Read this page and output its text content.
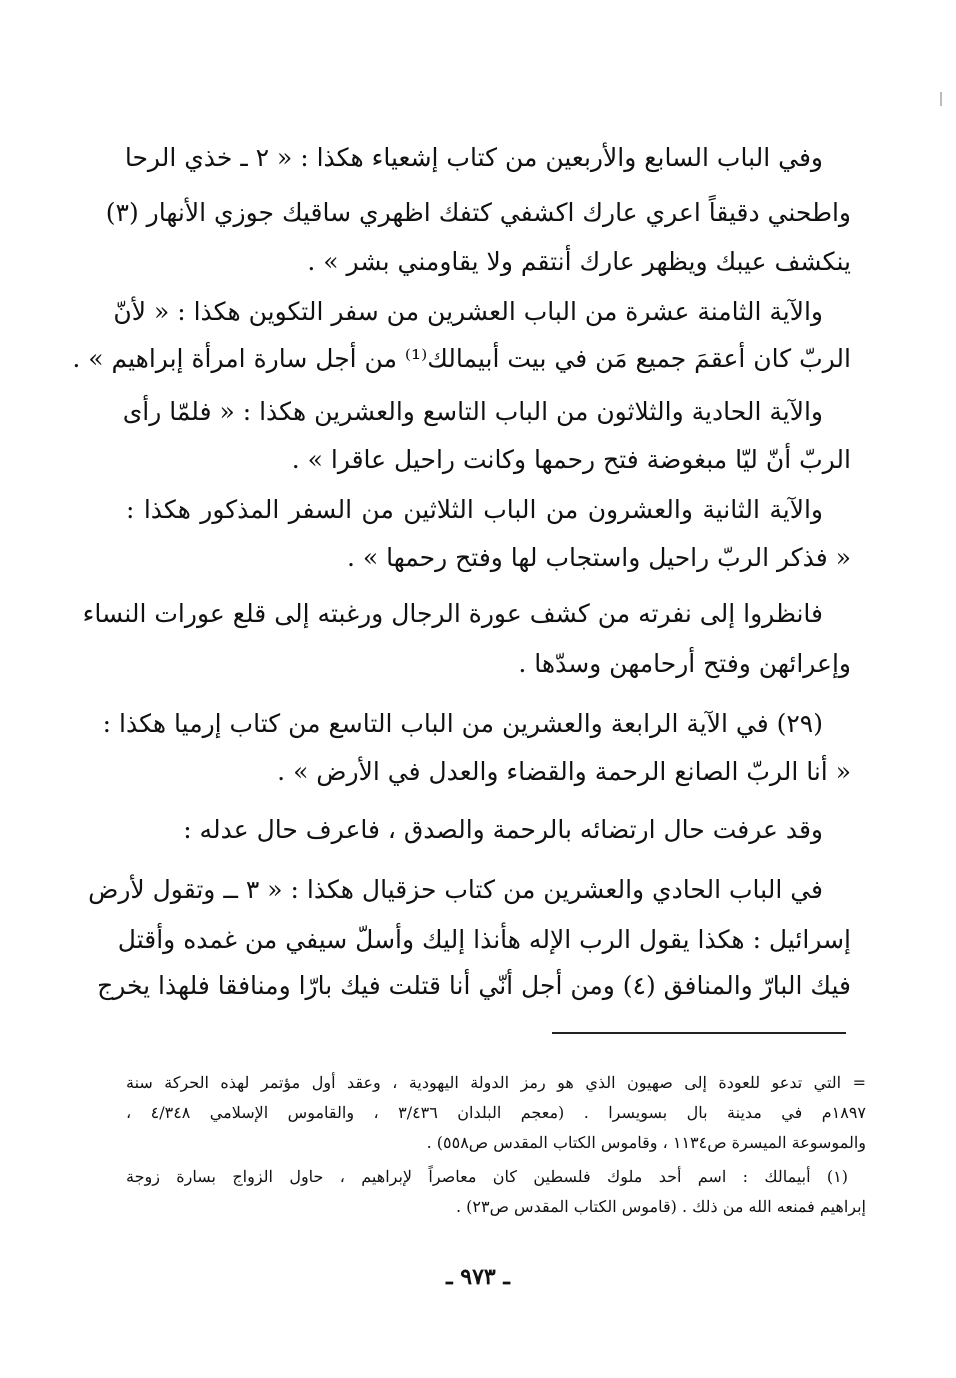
وفي الباب السابع والأربعين من كتاب إشعياء هكذا : « ٢ ـ خذي الرحا
واطحني دقيقاً اعري عارك اكشفي كتفك اظهري ساقيك جوزي الأنهار (٣)
ينكشف عيبك ويظهر عارك أنتقم ولا يقاومني بشر » .
والآية الثامنة عشرة من الباب العشرين من سفر التكوين هكذا : « لأنّ
الربّ كان أعقمَ جميع مَن في بيت أبيمالك⁽¹⁾ من أجل سارة امرأة إبراهيم » .
والآية الحادية والثلاثون من الباب التاسع والعشرين هكذا : « فلمّا رأى
الربّ أنّ ليّا مبغوضة فتح رحمها وكانت راحيل عاقرا » .
والآية الثانية والعشرون من الباب الثلاثين من السفر المذكور هكذا :
« فذكر الربّ راحيل واستجاب لها وفتح رحمها » .
فانظروا إلى نفرته من كشف عورة الرجال ورغبته إلى قلع عورات النساء
وإعرائهن وفتح أرحامهن وسدّها .
(٢٩) في الآية الرابعة والعشرين من الباب التاسع من كتاب إرميا هكذا :
« أنا الربّ الصانع الرحمة والقضاء والعدل في الأرض » .
وقد عرفت حال ارتضائه بالرحمة والصدق ، فاعرف حال عدله :
في الباب الحادي والعشرين من كتاب حزقيال هكذا : « ٣ ــ وتقول لأرض
إسرائيل : هكذا يقول الرب الإله هأنذا إليك وأسلّ سيفي من غمده وأقتل
فيك البارّ والمنافق (٤) ومن أجل أنّي أنا قتلت فيك بارّا ومنافقا فلهذا يخرج
= التي تدعو للعودة إلى صهيون الذي هو رمز الدولة اليهودية ، وعقد أول مؤتمر لهذه الحركة سنة
١٨٩٧م في مدينة بال بسويسرا . (معجم البلدان ٣/٤٣٦ ، والقاموس الإسلامي ٤/٣٤٨ ،
والموسوعة الميسرة ص١١٣٤ ، وقاموس الكتاب المقدس ص٥٥٨) .
(١) أبيمالك : اسم أحد ملوك فلسطين كان معاصراً لإبراهيم ، حاول الزواج بسارة زوجة
إبراهيم فمنعه الله من ذلك . (قاموس الكتاب المقدس ص٢٣) .
ـ ٩٧٣ ـ
